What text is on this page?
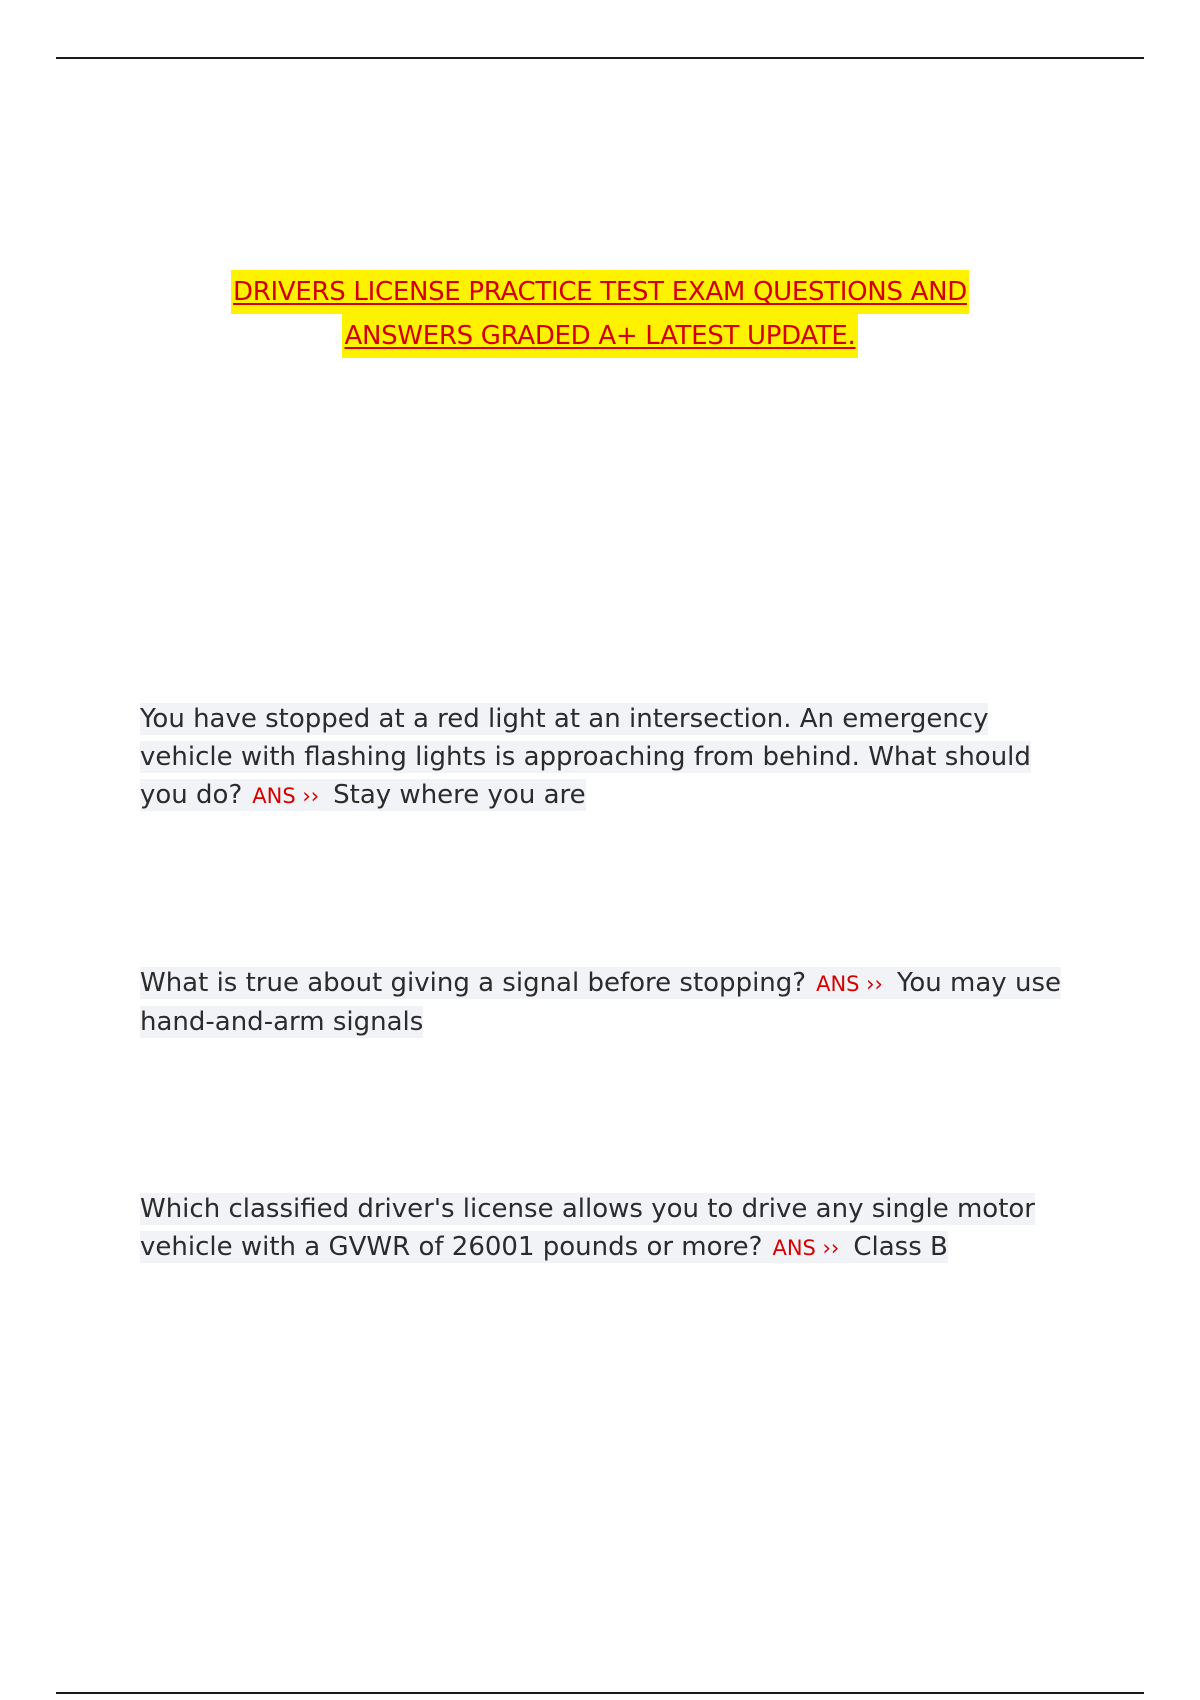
DRIVERS LICENSE PRACTICE TEST EXAM QUESTIONS AND
ANSWERS GRADED A+ LATEST UPDATE.
You have stopped at a red light at an intersection. An emergency vehicle with flashing lights is approaching from behind. What should you do? ANS ›› Stay where you are
What is true about giving a signal before stopping? ANS ›› You may use hand-and-arm signals
Which classified driver's license allows you to drive any single motor vehicle with a GVWR of 26001 pounds or more? ANS ›› Class B
